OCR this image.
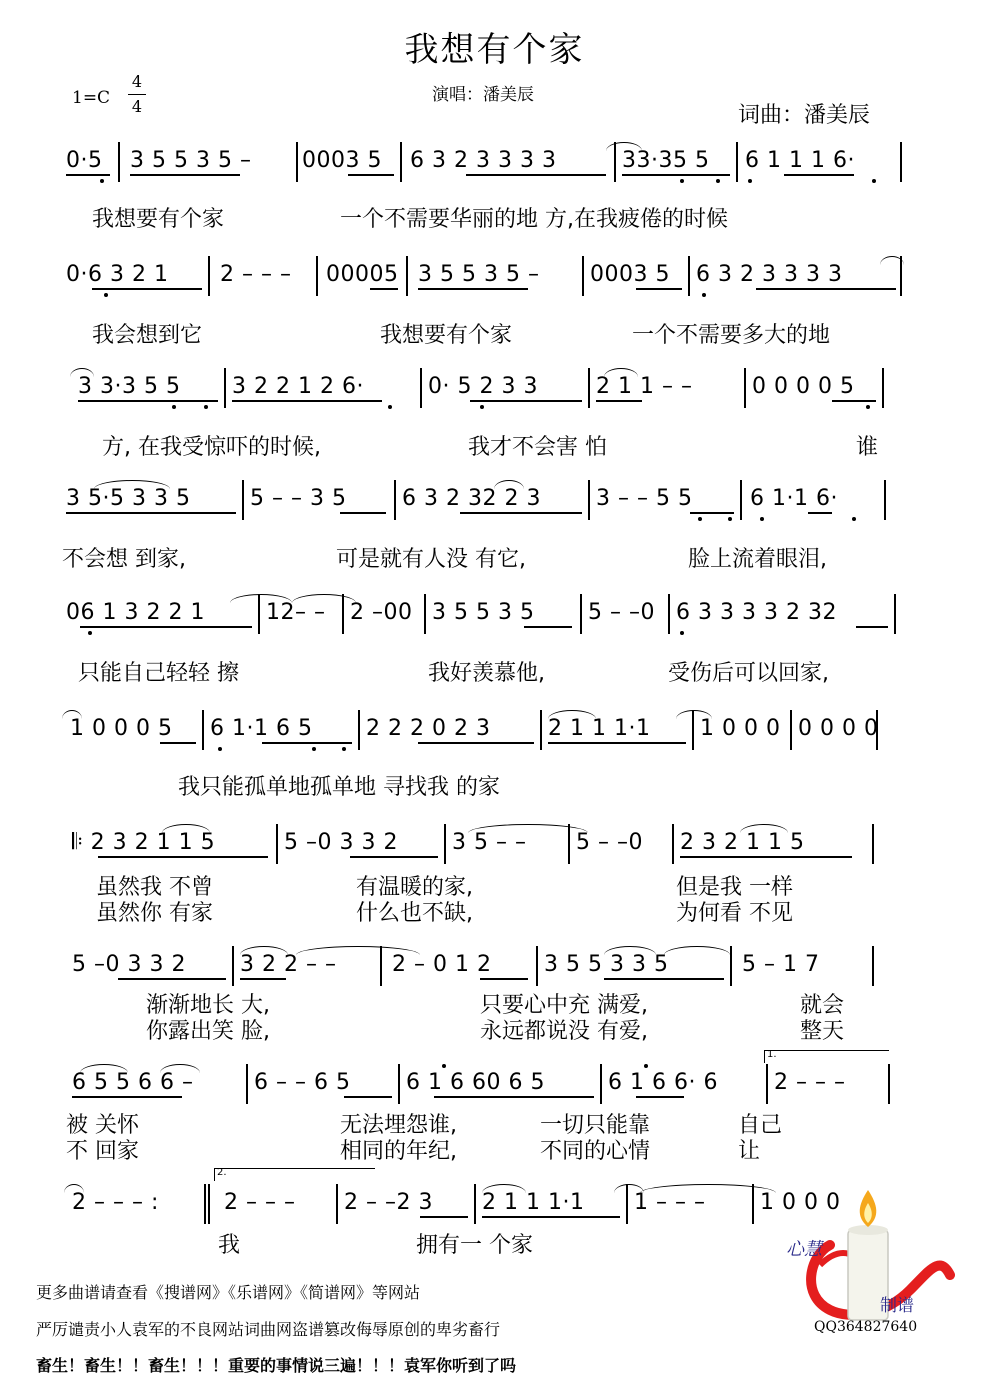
我想有个家
1=C
4
4
演唱：潘美辰
词曲：潘美辰
0·5 3 5 5 3 5 – 0003 5 6 3 2 3 3 3 3	33·35 5 6 1 1 1 6·
我想要有个家	一个不需要华丽的地 方,在我疲倦的时候
0·6 3 2 1 2 – – – 00005 3 5 5 3 5 – 0003 5 6 3 2 3 3 3 3
我会想到它	我想要有个家	一个不需要多大的地
3 3·3 5 5 3 2 2 1 2 6·	0· 5 2 3 3	2 1 1 – –	0 0 0 0 5
方, 在我受惊吓的时候,	我才不会害 怕	谁
3 5·5 3 3 5	5 – – 3 5	6 3 2 32 2 3	3 – – 5 5	6 1·1 6·
不会想 到家,	可是就有人没 有它,	脸上流着眼泪,
06 1 3 2 2 1	12– – 2 –00 3 5 5 3 5 5 – –0 6 3 3 3 3 2 32
只能自己轻轻 擦	我好羡慕他,	受伤后可以回家,
1 0 0 0 5 6 1·1 6 5 2 2 2 0 2 3	2 1 1 1·1 1 0 0 0 0 0 0 0
我只能孤单地孤单地 寻找我 的家
𝄆 2 3 2 1 1 5	5 –0 3 3 2 3 5 – – 5 – –0 2 3 2 1 1 5
虽然我 不曾	有温暖的家,	但是我 一样
虽然你 有家	什么也不缺,	为何看 不见
5 –0 3 3 2 3 2 2 – –	2 – 0 1 2 3 5 5 3 3 5	5 – 1 7
渐渐地长 大,	只要心中充 满爱,	就会
你露出笑 脸,	永远都说没 有爱,	整天
6 5 5 6 6 –	6 – – 6 5	6 1 6 60 6 5	6 1 6 6· 6	2 – – –
1.
被 关怀	无法埋怨谁,	一切只能靠	自己
不 回家	相同的年纪,	不同的心情	让
2 – – – :	2 – – – 2 – –2 3 2 1 1 1·1 1 – – – 1 0 0 0
2.
我	拥有一 个家
更多曲谱请查看《搜谱网》《乐谱网》《简谱网》等网站
严厉谴责小人袁军的不良网站词曲网盗谱篡改侮辱原创的卑劣畜行
畜生！畜生！！畜生！！！重要的事情说三遍！！！袁军你听到了吗
心慧
制谱
QQ364827640
